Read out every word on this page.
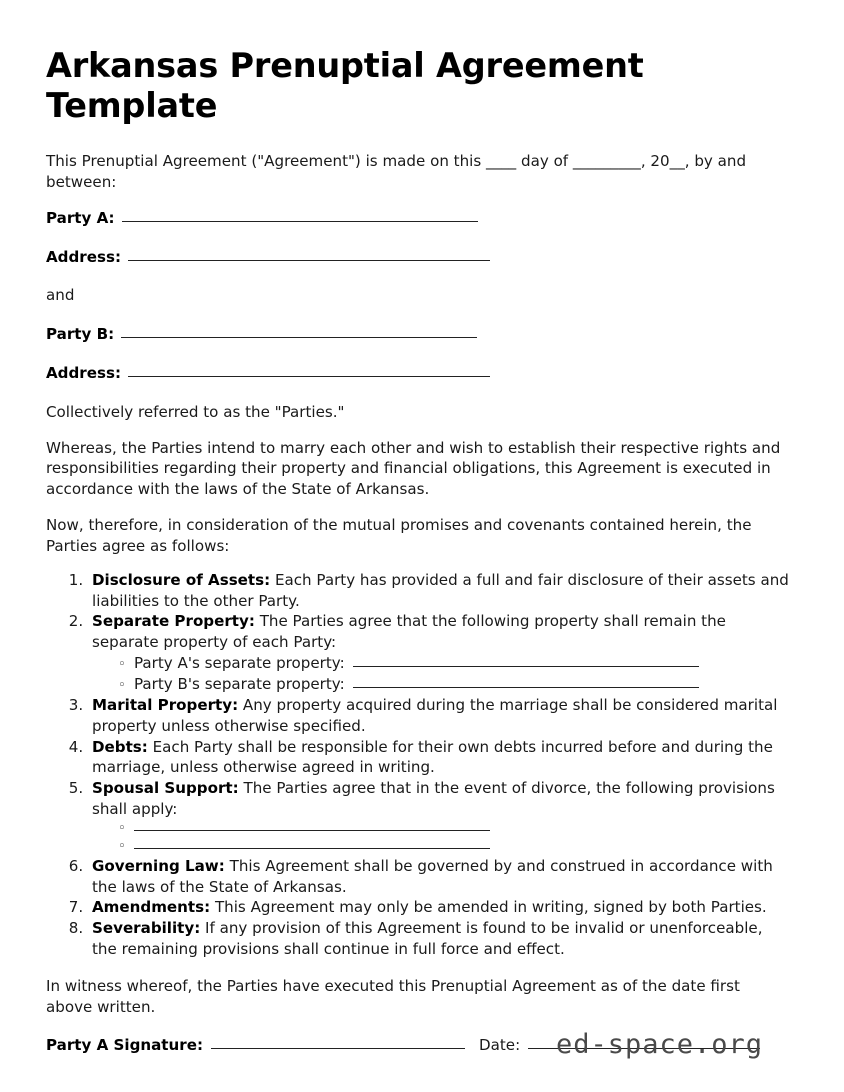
Arkansas Prenuptial Agreement Template

This Prenuptial Agreement ("Agreement") is made on this ____ day of _________, 20__, by and between:

Party A:
Address:
and
Party B:
Address:

Collectively referred to as the "Parties."

Whereas, the Parties intend to marry each other and wish to establish their respective rights and responsibilities regarding their property and financial obligations, this Agreement is executed in accordance with the laws of the State of Arkansas.

Now, therefore, in consideration of the mutual promises and covenants contained herein, the Parties agree as follows:

1. Disclosure of Assets: Each Party has provided a full and fair disclosure of their assets and liabilities to the other Party.
2. Separate Property: The Parties agree that the following property shall remain the separate property of each Party:
◦ Party A's separate property:
◦ Party B's separate property:
3. Marital Property: Any property acquired during the marriage shall be considered marital property unless otherwise specified.
4. Debts: Each Party shall be responsible for their own debts incurred before and during the marriage, unless otherwise agreed in writing.
5. Spousal Support: The Parties agree that in the event of divorce, the following provisions shall apply:
◦
◦
6. Governing Law: This Agreement shall be governed by and construed in accordance with the laws of the State of Arkansas.
7. Amendments: This Agreement may only be amended in writing, signed by both Parties.
8. Severability: If any provision of this Agreement is found to be invalid or unenforceable, the remaining provisions shall continue in full force and effect.

In witness whereof, the Parties have executed this Prenuptial Agreement as of the date first above written.

Party A Signature:	Date: ed-space.org
